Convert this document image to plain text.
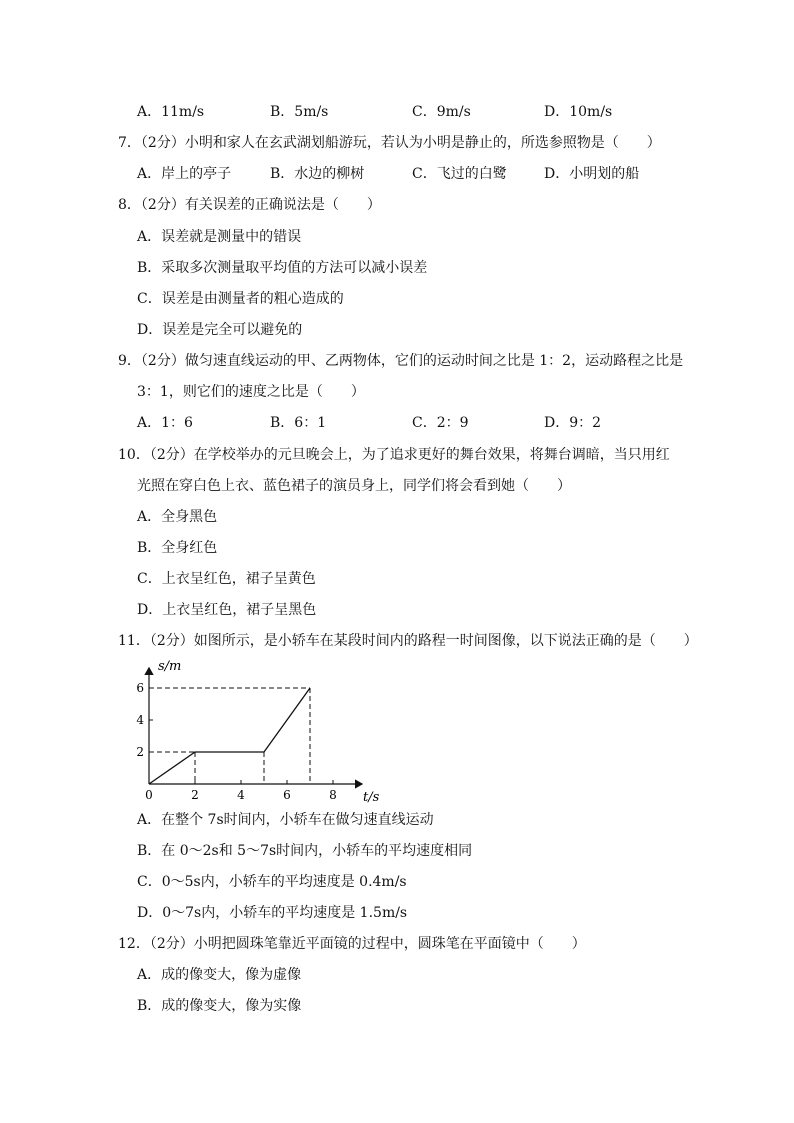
A．11m/s	B．5m/s	C．9m/s	D．10m/s
7．（2分）小明和家人在玄武湖划船游玩，若认为小明是静止的，所选参照物是（　　）
A．岸上的亭子	B．水边的柳树	C．飞过的白鹭	D．小明划的船
8．（2分）有关误差的正确说法是（　　）
A．误差就是测量中的错误
B．采取多次测量取平均值的方法可以减小误差
C．误差是由测量者的粗心造成的
D．误差是完全可以避免的
9．（2分）做匀速直线运动的甲、乙两物体，它们的运动时间之比是 1：2，运动路程之比是
3：1，则它们的速度之比是（　　）
A．1：6	B．6：1	C．2：9	D．9：2
10．（2分）在学校举办的元旦晚会上，为了追求更好的舞台效果，将舞台调暗，当只用红
光照在穿白色上衣、蓝色裙子的演员身上，同学们将会看到她（　　）
A．全身黑色
B．全身红色
C．上衣呈红色，裙子呈黄色
D．上衣呈红色，裙子呈黑色
11．（2分）如图所示，是小轿车在某段时间内的路程一时间图像，以下说法正确的是（　　）
0	2	4	6	8
2
4
6
s/m
t/s
A．在整个 7s时间内，小轿车在做匀速直线运动
B．在 0～2s和 5～7s时间内，小轿车的平均速度相同
C．0～5s内，小轿车的平均速度是 0.4m/s
D．0～7s内，小轿车的平均速度是 1.5m/s
12．（2分）小明把圆珠笔靠近平面镜的过程中，圆珠笔在平面镜中（　　）
A．成的像变大，像为虚像
B．成的像变大，像为实像
